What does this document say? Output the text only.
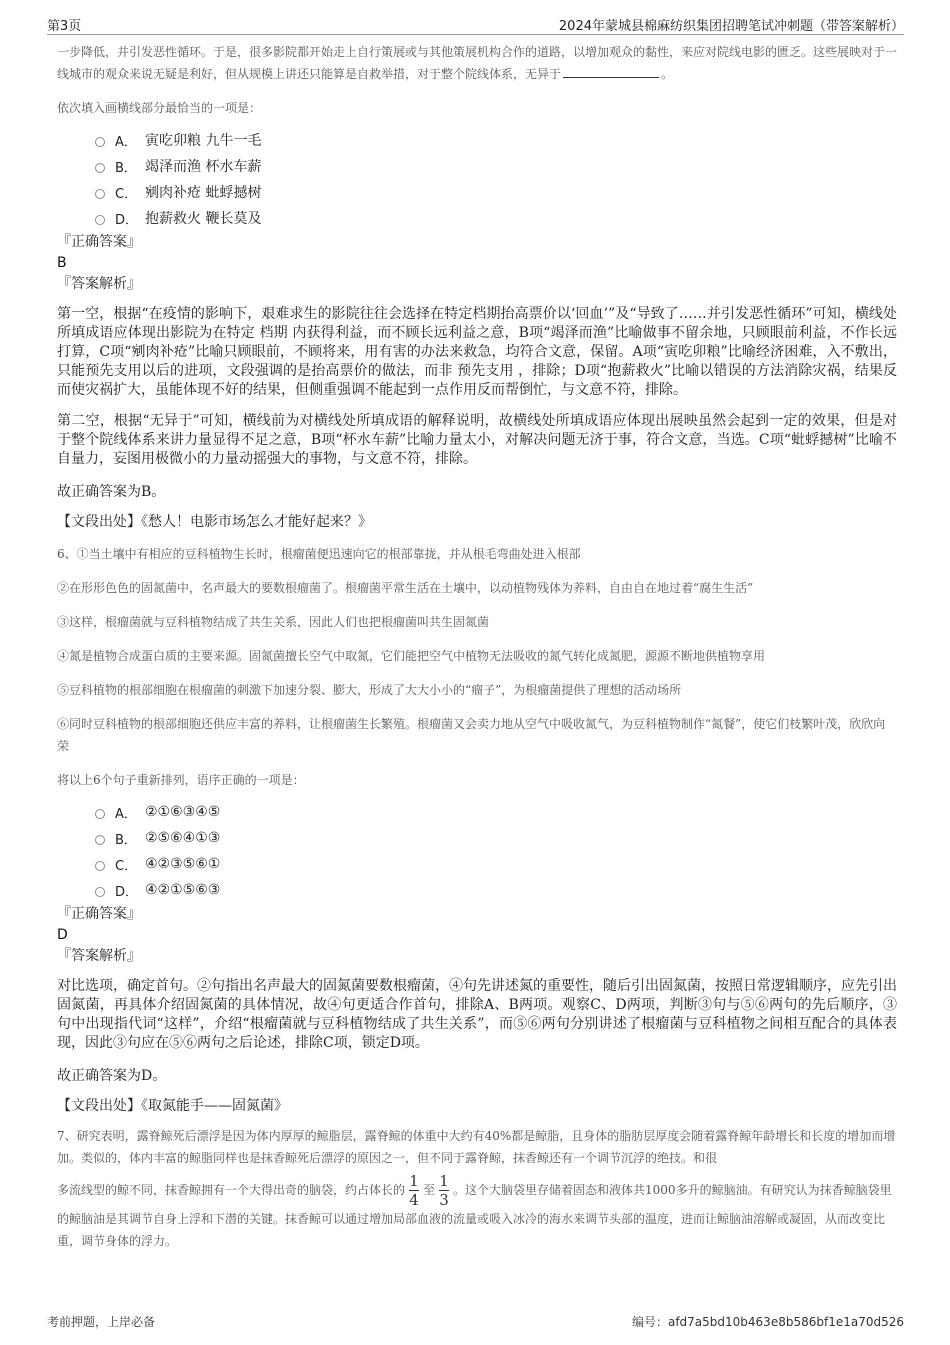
第3页	2024年蒙城县棉麻纺织集团招聘笔试冲刺题（带答案解析）

一步降低，并引发恶性循环。于是，很多影院都开始走上自行策展或与其他策展机构合作的道路，以增加观众的黏性，来应对院线电影的匮乏。这些展映对于一线城市的观众来说无疑是利好，但从规模上讲还只能算是自救举措，对于整个院线体系，无异于	。

依次填入画横线部分最恰当的一项是：

A． 寅吃卯粮 九牛一毛
B． 竭泽而渔 杯水车薪
C． 剜肉补疮 蚍蜉撼树
D． 抱薪救火 鞭长莫及

『正确答案』

B

『答案解析』

第一空，根据“在疫情的影响下，艰难求生的影院往往会选择在特定档期抬高票价以‘回血’”及“导致了……并引发恶性循环”可知，横线处所填成语应体现出影院为在特定 档期 内获得利益，而不顾长远利益之意，B项“竭泽而渔”比喻做事不留余地，只顾眼前利益，不作长远打算，C项“剜肉补疮”比喻只顾眼前，不顾将来，用有害的办法来救急，均符合文意，保留。A项“寅吃卯粮”比喻经济困难，入不敷出，只能预先支用以后的进项，文段强调的是抬高票价的做法，而非 预先支用 ，排除；D项“抱薪救火”比喻以错误的方法消除灾祸，结果反而使灾祸扩大，虽能体现不好的结果，但侧重强调不能起到一点作用反而帮倒忙，与文意不符，排除。

第二空，根据“无异于”可知，横线前为对横线处所填成语的解释说明，故横线处所填成语应体现出展映虽然会起到一定的效果，但是对于整个院线体系来讲力量显得不足之意，B项“杯水车薪”比喻力量太小，对解决问题无济于事，符合文意，当选。C项“蚍蜉撼树”比喻不自量力，妄图用极微小的力量动摇强大的事物，与文意不符，排除。

故正确答案为B。

【文段出处】《愁人！电影市场怎么才能好起来？》

6、①当土壤中有相应的豆科植物生长时，根瘤菌便迅速向它的根部靠拢，并从根毛弯曲处进入根部

②在形形色色的固氮菌中，名声最大的要数根瘤菌了。根瘤菌平常生活在土壤中，以动植物残体为养料，自由自在地过着“腐生生活”

③这样，根瘤菌就与豆科植物结成了共生关系，因此人们也把根瘤菌叫共生固氮菌

④氮是植物合成蛋白质的主要来源。固氮菌擅长空气中取氮，它们能把空气中植物无法吸收的氮气转化成氮肥，源源不断地供植物享用

⑤豆科植物的根部细胞在根瘤菌的刺激下加速分裂、膨大，形成了大大小小的“瘤子”，为根瘤菌提供了理想的活动场所

⑥同时豆科植物的根部细胞还供应丰富的养料，让根瘤菌生长繁殖。根瘤菌又会卖力地从空气中吸收氮气，为豆科植物制作“氮餐”，使它们枝繁叶茂，欣欣向荣

将以上6个句子重新排列，语序正确的一项是：

A． ②①⑥③④⑤
B． ②⑤⑥④①③
C． ④②③⑤⑥①
D． ④②①⑤⑥③

『正确答案』

D

『答案解析』

对比选项，确定首句。②句指出名声最大的固氮菌要数根瘤菌，④句先讲述氮的重要性，随后引出固氮菌，按照日常逻辑顺序，应先引出固氮菌，再具体介绍固氮菌的具体情况，故④句更适合作首句，排除A、B两项。观察C、D两项，判断③句与⑤⑥两句的先后顺序，③句中出现指代词“这样”，介绍“根瘤菌就与豆科植物结成了共生关系”，而⑤⑥两句分别讲述了根瘤菌与豆科植物之间相互配合的具体表现，因此③句应在⑤⑥两句之后论述，排除C项，锁定D项。

故正确答案为D。

【文段出处】《取氮能手——固氮菌》

7、研究表明，露脊鲸死后漂浮是因为体内厚厚的鲸脂层，露脊鲸的体重中大约有40%都是鲸脂，且身体的脂肪层厚度会随着露脊鲸年龄增长和长度的增加而增加。类似的，体内丰富的鲸脂同样也是抹香鲸死后漂浮的原因之一，但不同于露脊鲸，抹香鲸还有一个调节沉浮的绝技。和很

多流线型的鲸不同，抹香鲸拥有一个大得出奇的脑袋，约占体长的 $\frac{1}{4}$ 至 $\frac{1}{3}$ 。这个大脑袋里存储着固态和液体共1000多升的鲸脑油。有研究认为抹香鲸脑袋里的鲸脑油是其调节自身上浮和下潜的关键。抹香鲸可以通过增加局部血液的流量或吸入冰冷的海水来调节头部的温度，进而让鲸脑油溶解或凝固，从而改变比重，调节身体的浮力。

考前押题，上岸必备	编号：afd7a5bd10b463e8b586bf1e1a70d526
